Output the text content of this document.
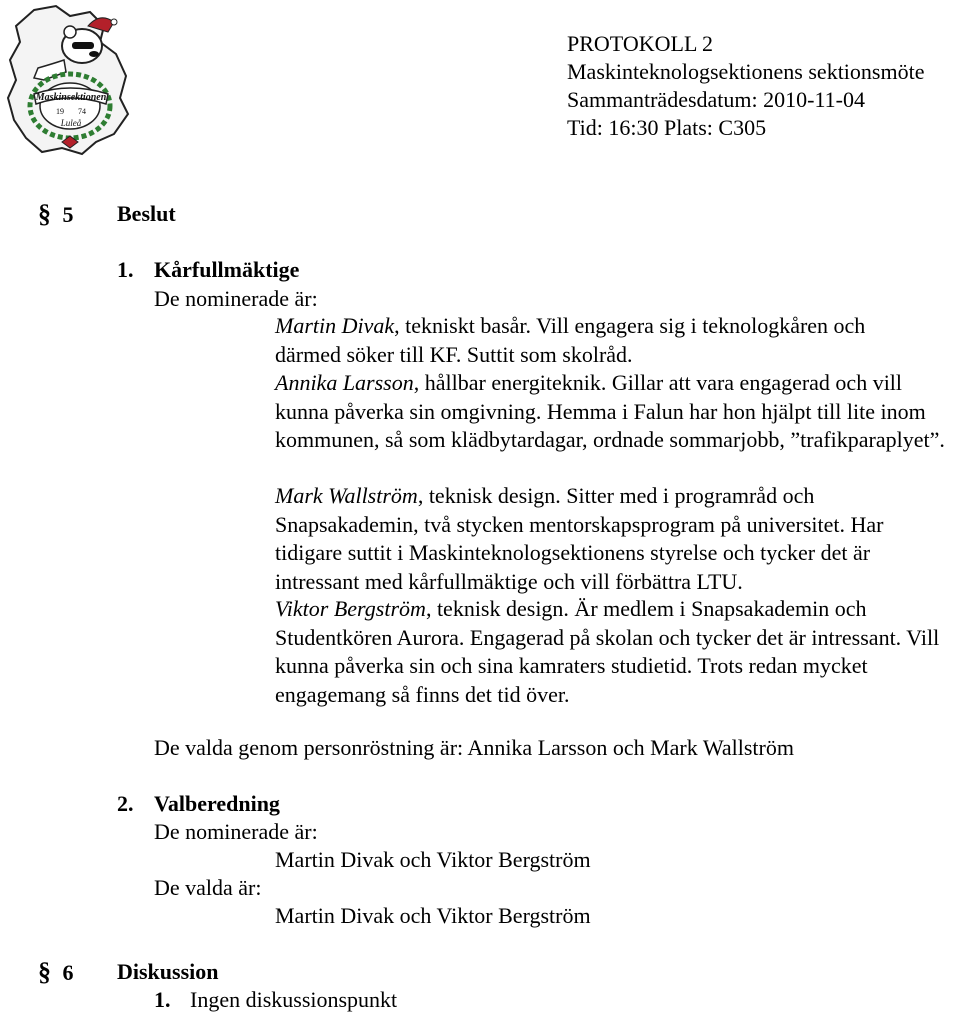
Maskinsektionen
19 74
Luleå
PROTOKOLL 2
Maskinteknologsektionens sektionsmöte
Sammanträdesdatum: 2010-11-04
Tid: 16:30 Plats: C305
§ 5 Beslut
1. Kårfullmäktige
De nominerade är:

Martin Divak, tekniskt basår. Vill engagera sig i teknologkåren och därmed söker till KF. Suttit som skolråd.

Annika Larsson, hållbar energiteknik. Gillar att vara engagerad och vill kunna påverka sin omgivning. Hemma i Falun har hon hjälpt till lite inom kommunen, så som klädbytardagar, ordnade sommarjobb, ”trafikparaplyet”.

Mark Wallström, teknisk design. Sitter med i programråd och Snapsakademin, två stycken mentorskapsprogram på universitet. Har tidigare suttit i Maskinteknologsektionens styrelse och tycker det är intressant med kårfullmäktige och vill förbättra LTU.

Viktor Bergström, teknisk design. Är medlem i Snapsakademin och Studentkören Aurora. Engagerad på skolan och tycker det är intressant. Vill kunna påverka sin och sina kamraters studietid. Trots redan mycket engagemang så finns det tid över.

De valda genom personröstning är: Annika Larsson och Mark Wallström
2. Valberedning
De nominerade är:
Martin Divak och Viktor Bergström
De valda är:
Martin Divak och Viktor Bergström
§ 6 Diskussion
1. Ingen diskussionspunkt
